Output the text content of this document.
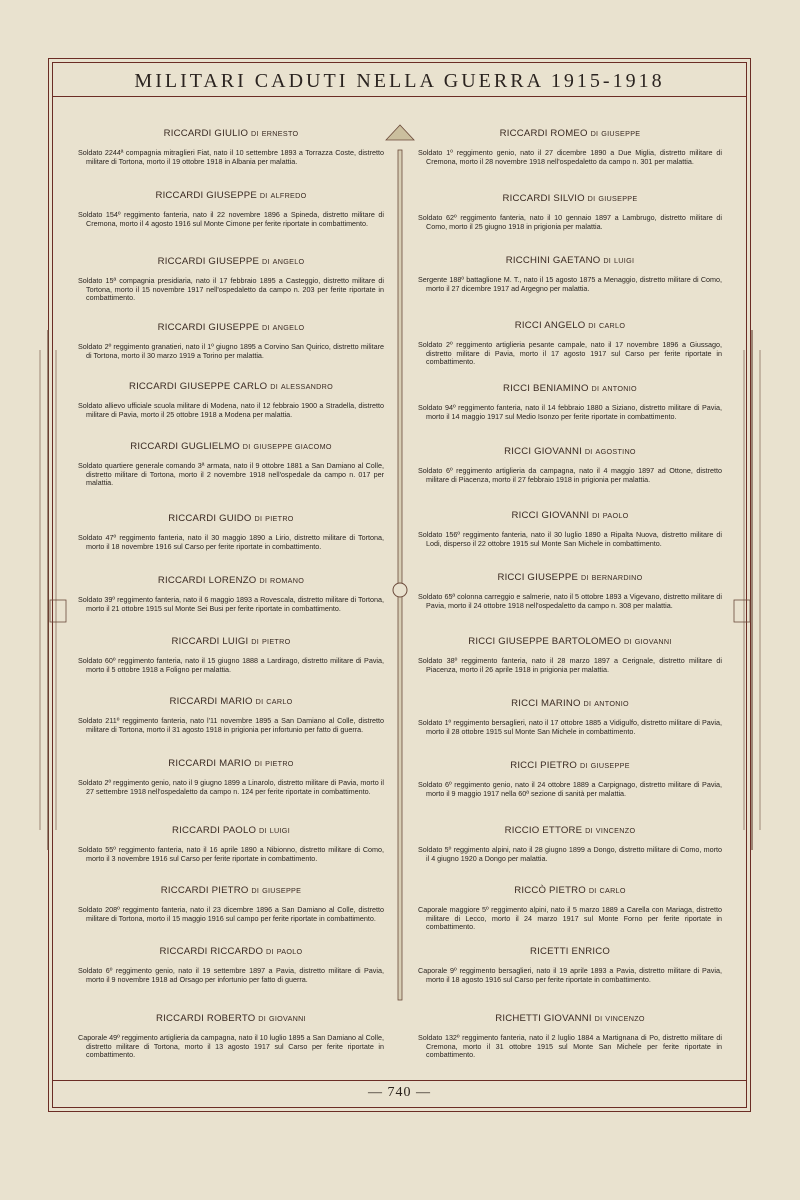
MILITARI CADUTI NELLA GUERRA 1915-1918
RICCARDI GIULIO DI ERNESTO
Soldato 2244ª compagnia mitraglieri Fiat, nato il 10 settembre 1893 a Torrazza Coste, distretto militare di Tortona, morto il 19 ottobre 1918 in Albania per malattia.
RICCARDI GIUSEPPE DI ALFREDO
Soldato 154º reggimento fanteria, nato il 22 novembre 1896 a Spineda, distretto militare di Cremona, morto il 4 agosto 1916 sul Monte Cimone per ferite riportate in combattimento.
RICCARDI GIUSEPPE DI ANGELO
Soldato 15ª compagnia presidiaria, nato il 17 febbraio 1895 a Casteggio, distretto militare di Tortona, morto il 15 novembre 1917 nell'ospedaletto da campo n. 203 per ferite riportate in combattimento.
RICCARDI GIUSEPPE DI ANGELO
Soldato 2º reggimento granatieri, nato il 1º giugno 1895 a Corvino San Quirico, distretto militare di Tortona, morto il 30 marzo 1919 a Torino per malattia.
RICCARDI GIUSEPPE CARLO DI ALESSANDRO
Soldato allievo ufficiale scuola militare di Modena, nato il 12 febbraio 1900 a Stradella, distretto militare di Pavia, morto il 25 ottobre 1918 a Modena per malattia.
RICCARDI GUGLIELMO DI GIUSEPPE GIACOMO
Soldato quartiere generale comando 3ª armata, nato il 9 ottobre 1881 a San Damiano al Colle, distretto militare di Tortona, morto il 2 novembre 1918 nell'ospedale da campo n. 017 per malattia.
RICCARDI GUIDO DI PIETRO
Soldato 47º reggimento fanteria, nato il 30 maggio 1890 a Lirio, distretto militare di Tortona, morto il 18 novembre 1916 sul Carso per ferite riportate in combattimento.
RICCARDI LORENZO DI ROMANO
Soldato 39º reggimento fanteria, nato il 6 maggio 1893 a Rovescala, distretto militare di Tortona, morto il 21 ottobre 1915 sul Monte Sei Busi per ferite riportate in combattimento.
RICCARDI LUIGI DI PIETRO
Soldato 60º reggimento fanteria, nato il 15 giugno 1888 a Lardirago, distretto militare di Pavia, morto il 5 ottobre 1918 a Foligno per malattia.
RICCARDI MARIO DI CARLO
Soldato 211º reggimento fanteria, nato l'11 novembre 1895 a San Damiano al Colle, distretto militare di Tortona, morto il 31 agosto 1918 in prigionia per infortunio per fatto di guerra.
RICCARDI MARIO DI PIETRO
Soldato 2º reggimento genio, nato il 9 giugno 1899 a Linarolo, distretto militare di Pavia, morto il 27 settembre 1918 nell'ospedaletto da campo n. 124 per ferite riportate in combattimento.
RICCARDI PAOLO DI LUIGI
Soldato 55º reggimento fanteria, nato il 16 aprile 1890 a Nibionno, distretto militare di Como, morto il 3 novembre 1916 sul Carso per ferite riportate in combattimento.
RICCARDI PIETRO DI GIUSEPPE
Soldato 208º reggimento fanteria, nato il 23 dicembre 1896 a San Damiano al Colle, distretto militare di Tortona, morto il 15 maggio 1916 sul campo per ferite riportate in combattimento.
RICCARDI RICCARDO DI PAOLO
Soldato 6º reggimento genio, nato il 19 settembre 1897 a Pavia, distretto militare di Pavia, morto il 9 novembre 1918 ad Orsago per infortunio per fatto di guerra.
RICCARDI ROBERTO DI GIOVANNI
Caporale 49º reggimento artiglieria da campagna, nato il 10 luglio 1895 a San Damiano al Colle, distretto militare di Tortona, morto il 13 agosto 1917 sul Carso per ferite riportate in combattimento.
RICCARDI ROMEO DI GIUSEPPE
Soldato 1º reggimento genio, nato il 27 dicembre 1890 a Due Miglia, distretto militare di Cremona, morto il 28 novembre 1918 nell'ospedaletto da campo n. 301 per malattia.
RICCARDI SILVIO DI GIUSEPPE
Soldato 62º reggimento fanteria, nato il 10 gennaio 1897 a Lambrugo, distretto militare di Como, morto il 25 giugno 1918 in prigionia per malattia.
RICCHINI GAETANO DI LUIGI
Sergente 188º battaglione M. T., nato il 15 agosto 1875 a Menaggio, distretto militare di Como, morto il 27 dicembre 1917 ad Argegno per malattia.
RICCI ANGELO DI CARLO
Soldato 2º reggimento artiglieria pesante campale, nato il 17 novembre 1896 a Giussago, distretto militare di Pavia, morto il 17 agosto 1917 sul Carso per ferite riportate in combattimento.
RICCI BENIAMINO DI ANTONIO
Soldato 94º reggimento fanteria, nato il 14 febbraio 1880 a Siziano, distretto militare di Pavia, morto il 14 maggio 1917 sul Medio Isonzo per ferite riportate in combattimento.
RICCI GIOVANNI DI AGOSTINO
Soldato 6º reggimento artiglieria da campagna, nato il 4 maggio 1897 ad Ottone, distretto militare di Piacenza, morto il 27 febbraio 1918 in prigionia per malattia.
RICCI GIOVANNI DI PAOLO
Soldato 156º reggimento fanteria, nato il 30 luglio 1890 a Ripalta Nuova, distretto militare di Lodi, disperso il 22 ottobre 1915 sul Monte San Michele in combattimento.
RICCI GIUSEPPE DI BERNARDINO
Soldato 65ª colonna carreggio e salmerie, nato il 5 ottobre 1893 a Vigevano, distretto militare di Pavia, morto il 24 ottobre 1918 nell'ospedaletto da campo n. 308 per malattia.
RICCI GIUSEPPE BARTOLOMEO DI GIOVANNI
Soldato 38º reggimento fanteria, nato il 28 marzo 1897 a Cerignale, distretto militare di Piacenza, morto il 26 aprile 1918 in prigionia per malattia.
RICCI MARINO DI ANTONIO
Soldato 1º reggimento bersaglieri, nato il 17 ottobre 1885 a Vidigulfo, distretto militare di Pavia, morto il 28 ottobre 1915 sul Monte San Michele in combattimento.
RICCI PIETRO DI GIUSEPPE
Soldato 6º reggimento genio, nato il 24 ottobre 1889 a Carpignago, distretto militare di Pavia, morto il 9 maggio 1917 nella 60ª sezione di sanità per malattia.
RICCIO ETTORE DI VINCENZO
Soldato 5º reggimento alpini, nato il 28 giugno 1899 a Dongo, distretto militare di Como, morto il 4 giugno 1920 a Dongo per malattia.
RICCÒ PIETRO DI CARLO
Caporale maggiore 5º reggimento alpini, nato il 5 marzo 1889 a Carella con Mariaga, distretto militare di Lecco, morto il 24 marzo 1917 sul Monte Forno per ferite riportate in combattimento.
RICETTI ENRICO
Caporale 9º reggimento bersaglieri, nato il 19 aprile 1893 a Pavia, distretto militare di Pavia, morto il 18 agosto 1916 sul Carso per ferite riportate in combattimento.
RICHETTI GIOVANNI DI VINCENZO
Soldato 132º reggimento fanteria, nato il 2 luglio 1884 a Martignana di Po, distretto militare di Cremona, morto il 31 ottobre 1915 sul Monte San Michele per ferite riportate in combattimento.
— 740 —
